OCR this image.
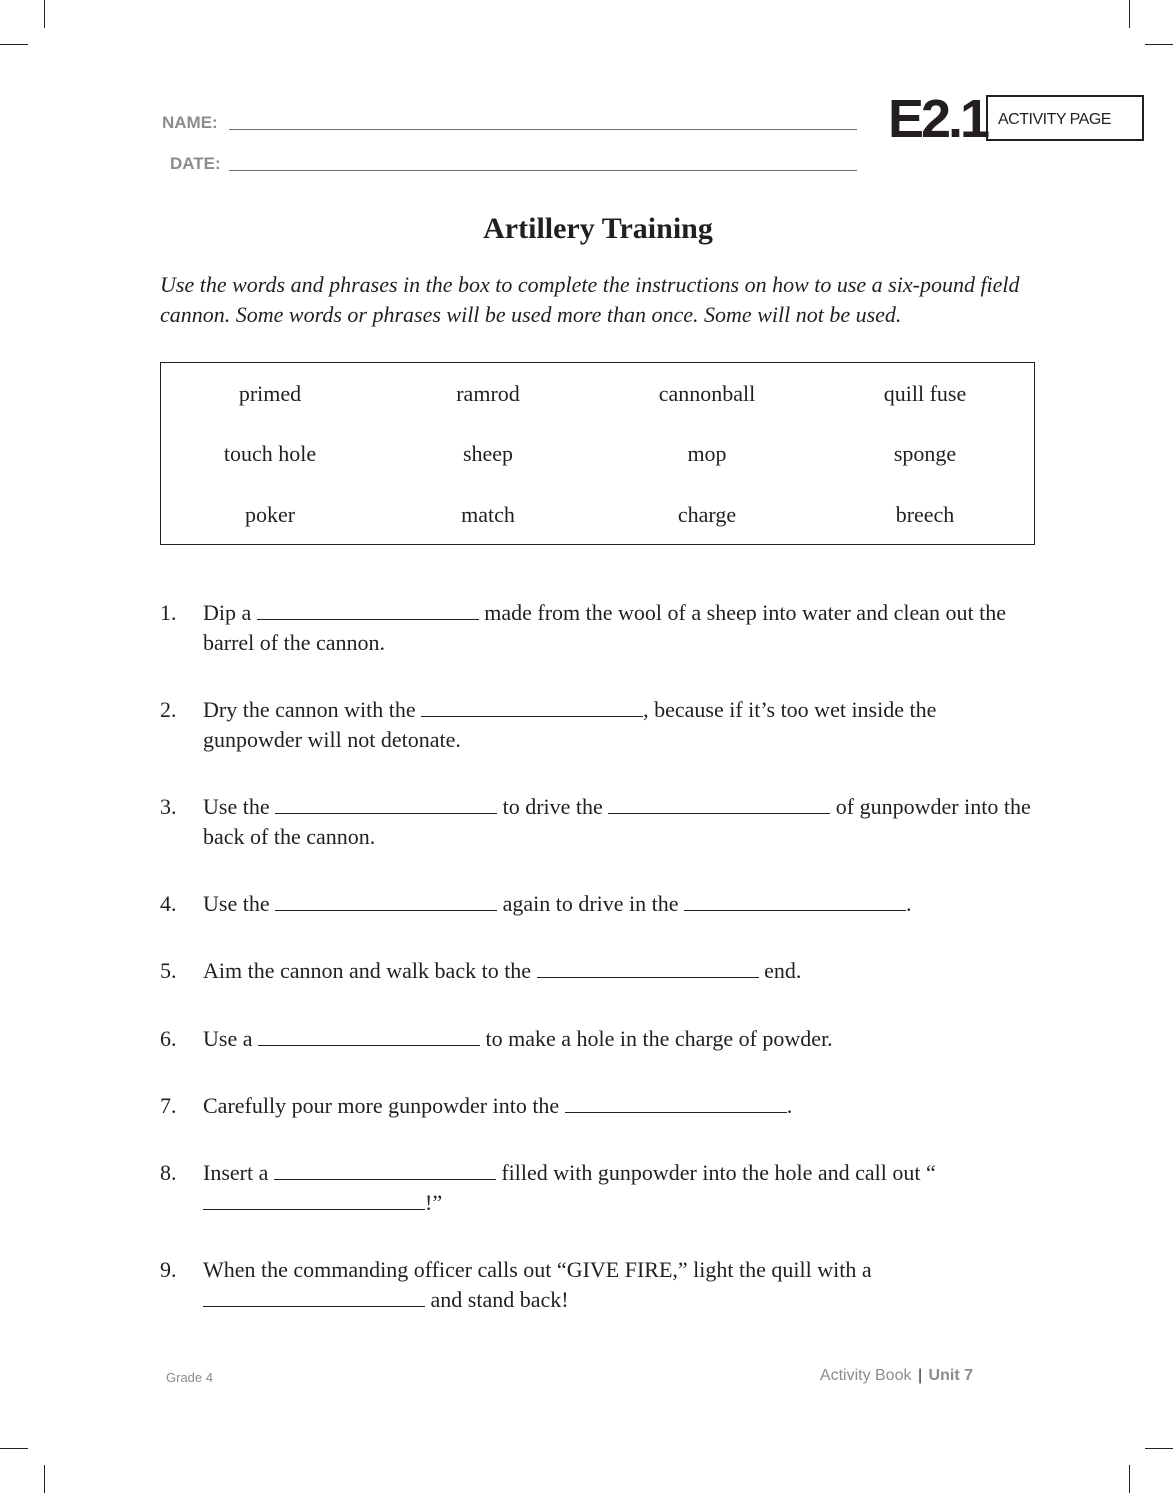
NAME:
DATE:
E2.1 ACTIVITY PAGE
Artillery Training
Use the words and phrases in the box to complete the instructions on how to use a six-pound field cannon. Some words or phrases will be used more than once. Some will not be used.
primed	ramrod	cannonball	quill fuse
touch hole	sheep	mop	sponge
poker	match	charge	breech
1.	Dip a	made from the wool of a sheep into water and clean out the barrel of the cannon.
2.	Dry the cannon with the	, because if it’s too wet inside the gunpowder will not detonate.
3.	Use the	to drive the	of gunpowder into the back of the cannon.
4.	Use the	again to drive in the	.
5.	Aim the cannon and walk back to the	end.
6.	Use a	to make a hole in the charge of powder.
7.	Carefully pour more gunpowder into the	.
8.	Insert a	filled with gunpowder into the hole and call out “!”
9.	When the commanding officer calls out “GIVE FIRE,” light the quill with a  and stand back!
Grade 4	Activity Book | Unit 7
